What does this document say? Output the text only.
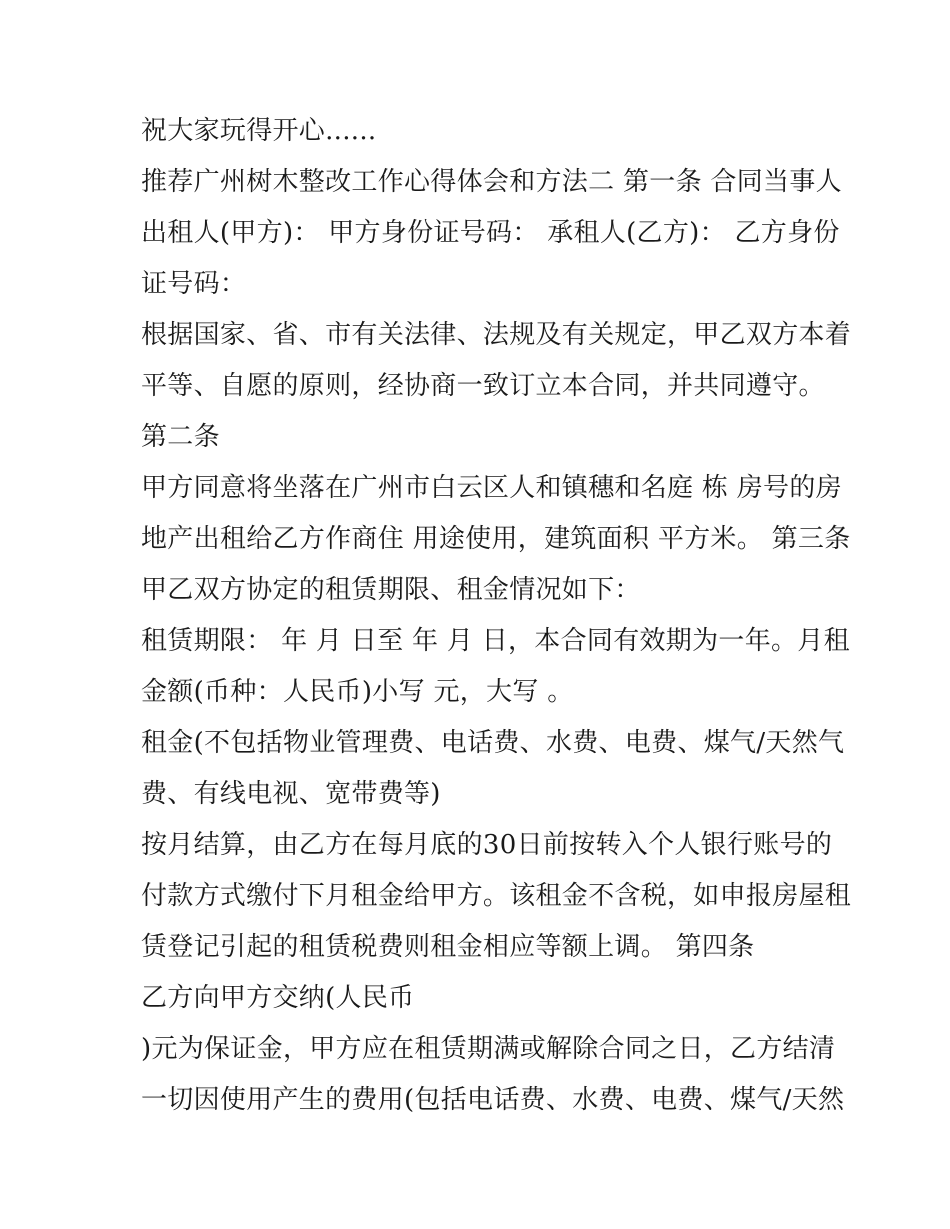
祝大家玩得开心......
推荐广州树木整改工作心得体会和方法二 第一条 合同当事人
出租人(甲方)： 甲方身份证号码： 承租人(乙方)： 乙方身份
证号码：
根据国家、省、市有关法律、法规及有关规定，甲乙双方本着
平等、自愿的原则，经协商一致订立本合同，并共同遵守。
第二条
甲方同意将坐落在广州市白云区人和镇穗和名庭 栋 房号的房
地产出租给乙方作商住 用途使用，建筑面积 平方米。 第三条
甲乙双方协定的租赁期限、租金情况如下：
租赁期限： 年 月 日至 年 月 日，本合同有效期为一年。月租
金额(币种：人民币)小写 元，大写 。
租金(不包括物业管理费、电话费、水费、电费、煤气/天然气
费、有线电视、宽带费等)
按月结算，由乙方在每月底的30日前按转入个人银行账号的
付款方式缴付下月租金给甲方。该租金不含税，如申报房屋租
赁登记引起的租赁税费则租金相应等额上调。 第四条
乙方向甲方交纳(人民币
)元为保证金，甲方应在租赁期满或解除合同之日，乙方结清
一切因使用产生的费用(包括电话费、水费、电费、煤气/天然
